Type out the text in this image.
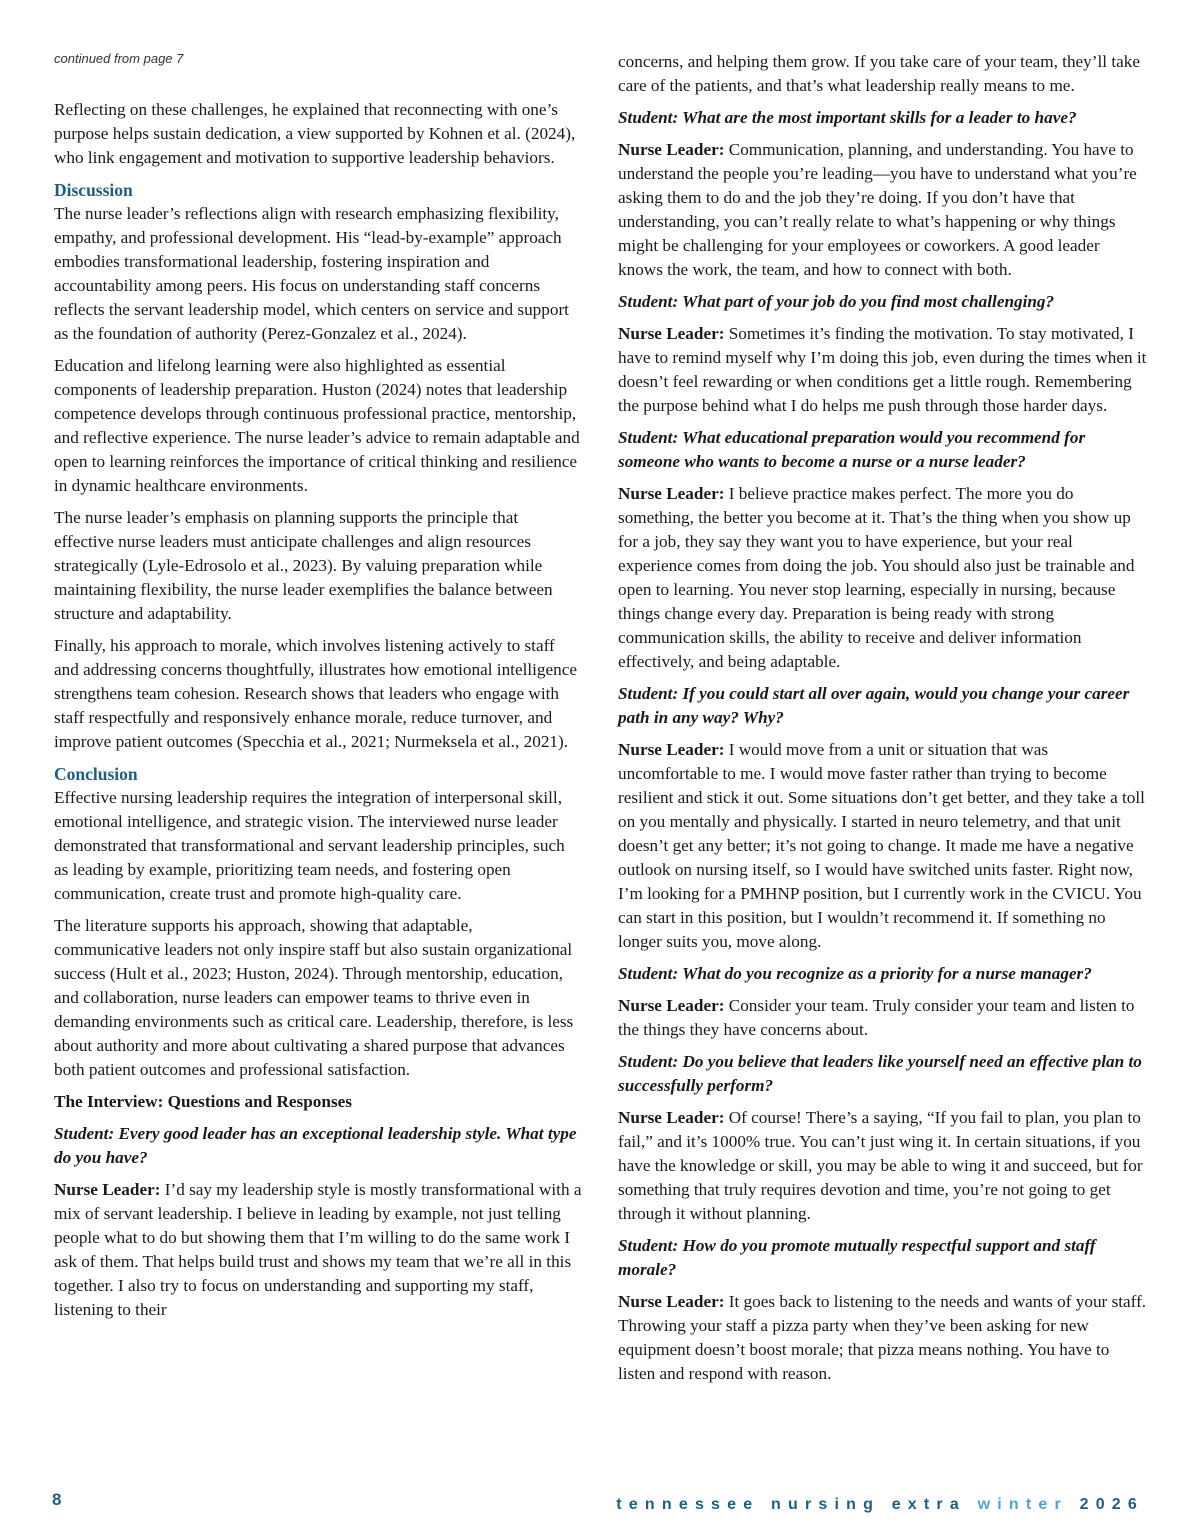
continued from page 7

Reflecting on these challenges, he explained that reconnecting with one’s purpose helps sustain dedication, a view supported by Kohnen et al. (2024), who link engagement and motivation to supportive leadership behaviors.

Discussion

The nurse leader’s reflections align with research emphasizing flexibility, empathy, and professional development. His “lead-by-example” approach embodies transformational leadership, fostering inspiration and accountability among peers. His focus on understanding staff concerns reflects the servant leadership model, which centers on service and support as the foundation of authority (Perez-Gonzalez et al., 2024).

Education and lifelong learning were also highlighted as essential components of leadership preparation. Huston (2024) notes that leadership competence develops through continuous professional practice, mentorship, and reflective experience. The nurse leader’s advice to remain adaptable and open to learning reinforces the importance of critical thinking and resilience in dynamic healthcare environments.

The nurse leader’s emphasis on planning supports the principle that effective nurse leaders must anticipate challenges and align resources strategically (Lyle-Edrosolo et al., 2023). By valuing preparation while maintaining flexibility, the nurse leader exemplifies the balance between structure and adaptability.

Finally, his approach to morale, which involves listening actively to staff and addressing concerns thoughtfully, illustrates how emotional intelligence strengthens team cohesion. Research shows that leaders who engage with staff respectfully and responsively enhance morale, reduce turnover, and improve patient outcomes (Specchia et al., 2021; Nurmeksela et al., 2021).

Conclusion

Effective nursing leadership requires the integration of interpersonal skill, emotional intelligence, and strategic vision. The interviewed nurse leader demonstrated that transformational and servant leadership principles, such as leading by example, prioritizing team needs, and fostering open communication, create trust and promote high-quality care.

The literature supports his approach, showing that adaptable, communicative leaders not only inspire staff but also sustain organizational success (Hult et al., 2023; Huston, 2024). Through mentorship, education, and collaboration, nurse leaders can empower teams to thrive even in demanding environments such as critical care. Leadership, therefore, is less about authority and more about cultivating a shared purpose that advances both patient outcomes and professional satisfaction.

The Interview: Questions and Responses

Student: Every good leader has an exceptional leadership style. What type do you have?

Nurse Leader: I’d say my leadership style is mostly transformational with a mix of servant leadership. I believe in leading by example, not just telling people what to do but showing them that I’m willing to do the same work I ask of them. That helps build trust and shows my team that we’re all in this together. I also try to focus on understanding and supporting my staff, listening to their

concerns, and helping them grow. If you take care of your team, they’ll take care of the patients, and that’s what leadership really means to me.

Student: What are the most important skills for a leader to have?

Nurse Leader: Communication, planning, and understanding. You have to understand the people you’re leading—you have to understand what you’re asking them to do and the job they’re doing. If you don’t have that understanding, you can’t really relate to what’s happening or why things might be challenging for your employees or coworkers. A good leader knows the work, the team, and how to connect with both.

Student: What part of your job do you find most challenging?

Nurse Leader: Sometimes it’s finding the motivation. To stay motivated, I have to remind myself why I’m doing this job, even during the times when it doesn’t feel rewarding or when conditions get a little rough. Remembering the purpose behind what I do helps me push through those harder days.

Student: What educational preparation would you recommend for someone who wants to become a nurse or a nurse leader?

Nurse Leader: I believe practice makes perfect. The more you do something, the better you become at it. That’s the thing when you show up for a job, they say they want you to have experience, but your real experience comes from doing the job. You should also just be trainable and open to learning. You never stop learning, especially in nursing, because things change every day. Preparation is being ready with strong communication skills, the ability to receive and deliver information effectively, and being adaptable.

Student: If you could start all over again, would you change your career path in any way? Why?

Nurse Leader: I would move from a unit or situation that was uncomfortable to me. I would move faster rather than trying to become resilient and stick it out. Some situations don’t get better, and they take a toll on you mentally and physically. I started in neuro telemetry, and that unit doesn’t get any better; it’s not going to change. It made me have a negative outlook on nursing itself, so I would have switched units faster. Right now, I’m looking for a PMHNP position, but I currently work in the CVICU. You can start in this position, but I wouldn’t recommend it. If something no longer suits you, move along.

Student: What do you recognize as a priority for a nurse manager?

Nurse Leader: Consider your team. Truly consider your team and listen to the things they have concerns about.

Student: Do you believe that leaders like yourself need an effective plan to successfully perform?

Nurse Leader: Of course! There’s a saying, “If you fail to plan, you plan to fail,” and it’s 1000% true. You can’t just wing it. In certain situations, if you have the knowledge or skill, you may be able to wing it and succeed, but for something that truly requires devotion and time, you’re not going to get through it without planning.

Student: How do you promote mutually respectful support and staff morale?

Nurse Leader: It goes back to listening to the needs and wants of your staff. Throwing your staff a pizza party when they’ve been asking for new equipment doesn’t boost morale; that pizza means nothing. You have to listen and respond with reason.

8	tennessee nursing extra winter 2026
